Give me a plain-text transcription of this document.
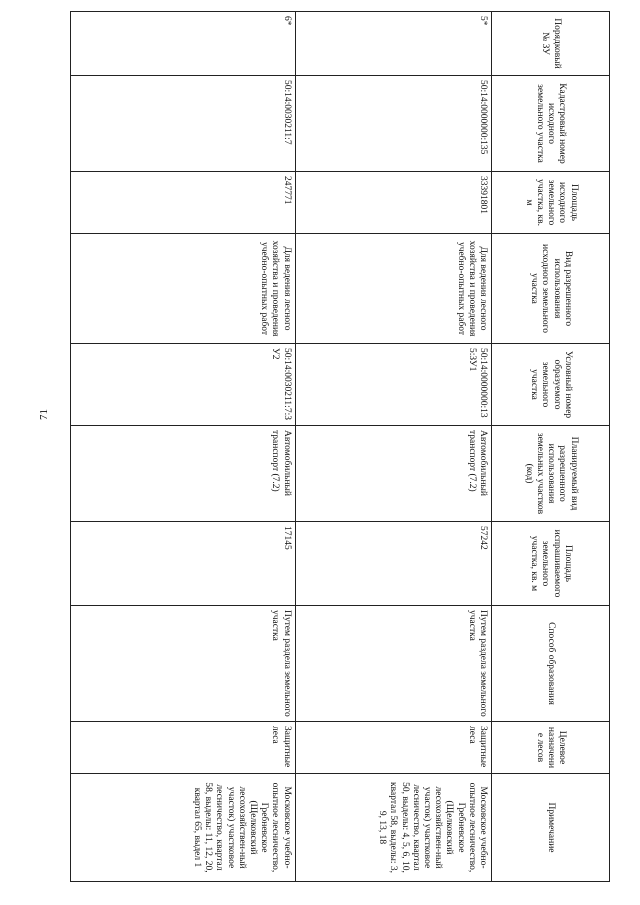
71
Порядковый № ЗУ	Кадастровый номер исходного земельного участка	Площадь исходного земельного участка, кв. м	Вид разрешенного использования исходного земельного участка	Условный номер образуемого земельного участка	Планируемый вид разрешенного использования земельных участков (код)	Площадь испрашиваемого земельного участка, кв. м	Способ образования	Целевое назначение лесов	Примечание
5*	50:14:0000000:135	33391801	Для ведения лесного хозяйства и проведения учебно-опытных работ	50:14:0000000:135:ЗУ1	Автомобильный транспорт (7.2)	57242	Путем раздела земельного участка	Защитные леса	Московское учебно-опытное лесничество, Гребневское (Щелковский лесохозяйствен-ный участок) участковое лесничество, квартал 50, выделы: 4, 5, 6, 10, квартал 58, выделы: 3, 9, 13, 18
6*	50:14:0030211:7	247771	Для ведения лесного хозяйства и проведения учебно-опытных работ	50:14:0030211:7:ЗУ2	Автомобильный транспорт (7.2)	17145	Путем раздела земельного участка	Защитные леса	Московское учебно-опытное лесничество, Гребневское (Щелковский лесохозяйствен-ный участок) участковое лесничество, квартал 58, выделы: 11, 12, 20, квартал 65, выдел 1
